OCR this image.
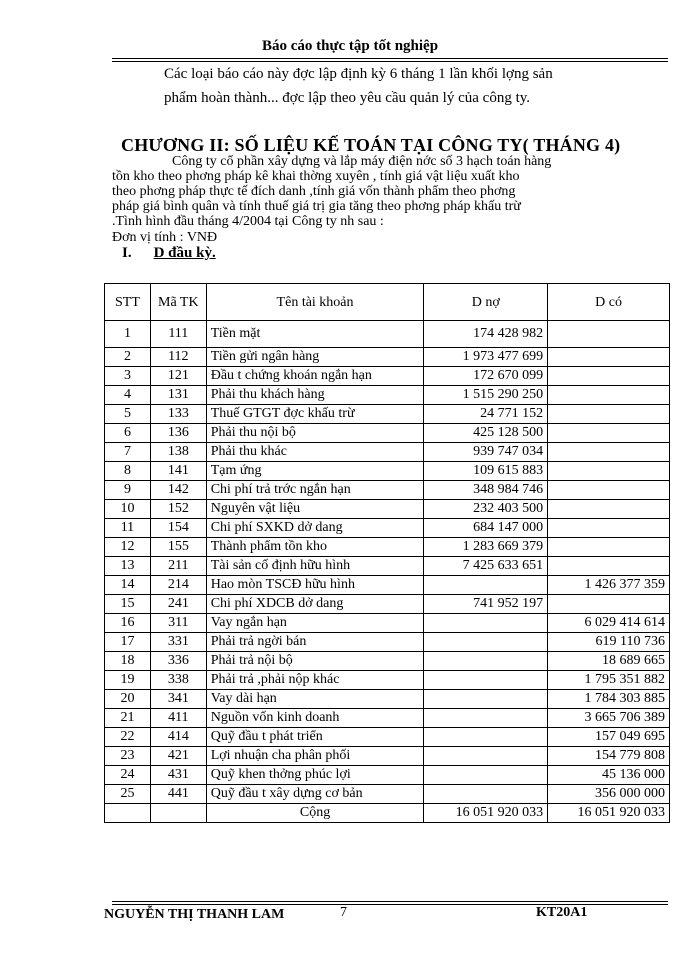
Báo cáo thực tập tốt nghiệp
Các loại báo cáo này đợc lập định kỳ 6 tháng 1 lần khối lợng sản
phẩm hoàn thành... đợc lập theo yêu cầu quản lý của công ty.
CHƯƠNG II: SỐ LIỆU KẾ TOÁN TẠI CÔNG TY( THÁNG 4)
Công ty cổ phần xây dựng và lắp máy điện nớc số 3 hạch toán hàng
tồn kho theo phơng pháp kê khai thờng xuyên , tính giá vật liệu xuất kho
theo phơng pháp thực tế đích danh ,tính giá vốn thành phẩm theo phơng
pháp giá bình quân và tính thuế giá trị gia tăng theo phơng pháp khấu trừ
.Tình hình đầu tháng 4/2004 tại Công ty nh sau :
Đơn vị tính : VNĐ
I. D đầu kỳ.
STT	Mã TK	Tên tài khoản	D nợ	D có
1	111	Tiền mặt	174 428 982	
2	112	Tiền gửi ngân hàng	1 973 477 699	
3	121	Đầu t chứng khoán ngắn hạn	172 670 099	
4	131	Phải thu khách hàng	1 515 290 250	
5	133	Thuế GTGT đợc khấu trừ	24 771 152	
6	136	Phải thu nội bộ	425 128 500	
7	138	Phải thu khác	939 747 034	
8	141	Tạm ứng	109 615 883	
9	142	Chi phí trả trớc ngắn hạn	348 984 746	
10	152	Nguyên vật liệu	232 403 500	
11	154	Chi phí SXKD dở dang	684 147 000	
12	155	Thành phẩm tồn kho	1 283 669 379	
13	211	Tài sản cố định hữu hình	7 425 633 651	
14	214	Hao mòn TSCĐ hữu hình		1 426 377 359
15	241	Chi phí XDCB dở dang	741 952 197	
16	311	Vay ngắn hạn		6 029 414 614
17	331	Phải trả ngời bán		619 110 736
18	336	Phải trả nội bộ		18 689 665
19	338	Phải trả ,phải nộp khác		1 795 351 882
20	341	Vay dài hạn		1 784 303 885
21	411	Nguồn vốn kinh doanh		3 665 706 389
22	414	Quỹ đầu t phát triển		157 049 695
23	421	Lợi nhuận cha phân phối		154 779 808
24	431	Quỹ khen thởng phúc lợi		45 136 000
25	441	Quỹ đầu t xây dựng cơ bản		356 000 000
		Cộng	16 051 920 033	16 051 920 033
NGUYỄN THỊ THANH LAM	7	KT20A1
